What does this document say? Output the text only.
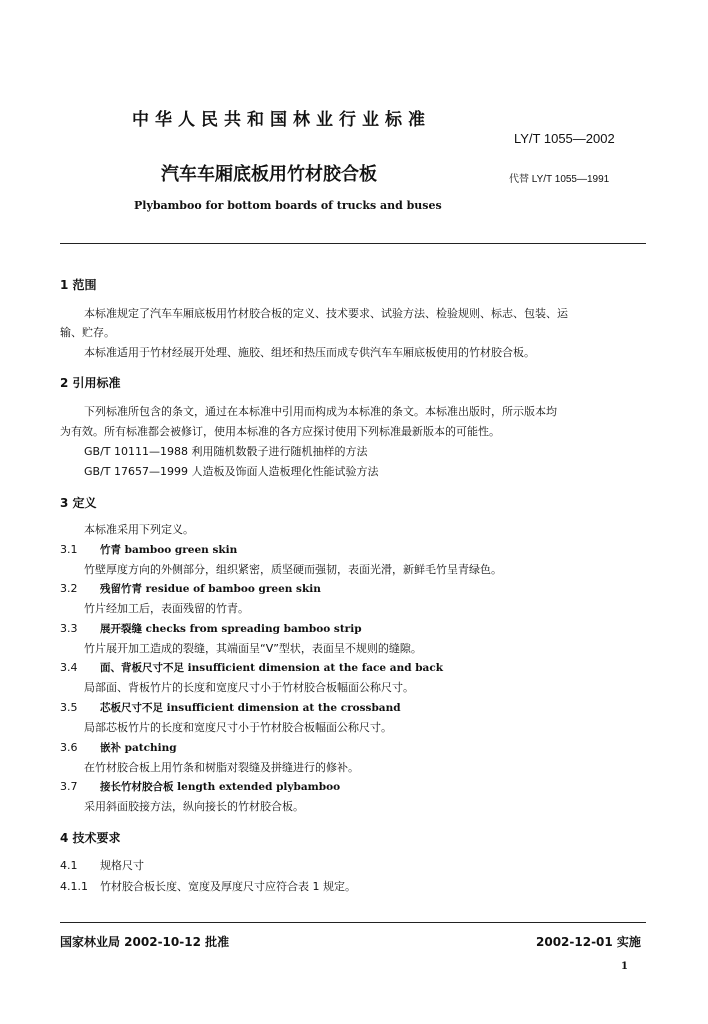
中华人民共和国林业行业标准
LY/T 1055—2002
汽车车厢底板用竹材胶合板	代替 LY/T 1055—1991
Plybamboo for bottom boards of trucks and buses
1 范围
本标准规定了汽车车厢底板用竹材胶合板的定义、技术要求、试验方法、检验规则、标志、包装、运
输、贮存。
本标准适用于竹材经展开处理、施胶、组坯和热压而成专供汽车车厢底板使用的竹材胶合板。
2 引用标准
下列标准所包含的条文，通过在本标准中引用而构成为本标准的条文。本标准出版时，所示版本均
为有效。所有标准都会被修订，使用本标准的各方应探讨使用下列标准最新版本的可能性。
GB/T 10111—1988 利用随机数骰子进行随机抽样的方法
GB/T 17657—1999 人造板及饰面人造板理化性能试验方法
3 定义
本标准采用下列定义。
3.1 竹青 bamboo green skin
竹壁厚度方向的外侧部分，组织紧密，质坚硬而强韧，表面光滑，新鲜毛竹呈青绿色。
3.2 残留竹青 residue of bamboo green skin
竹片经加工后，表面残留的竹青。
3.3 展开裂缝 checks from spreading bamboo strip
竹片展开加工造成的裂缝，其端面呈“V”型状，表面呈不规则的缝隙。
3.4 面、背板尺寸不足 insufficient dimension at the face and back
局部面、背板竹片的长度和宽度尺寸小于竹材胶合板幅面公称尺寸。
3.5 芯板尺寸不足 insufficient dimension at the crossband
局部芯板竹片的长度和宽度尺寸小于竹材胶合板幅面公称尺寸。
3.6 嵌补 patching
在竹材胶合板上用竹条和树脂对裂缝及拼缝进行的修补。
3.7 接长竹材胶合板 length extended plybamboo
采用斜面胶接方法，纵向接长的竹材胶合板。
4 技术要求
4.1 规格尺寸
4.1.1 竹材胶合板长度、宽度及厚度尺寸应符合表 1 规定。
国家林业局 2002-10-12 批准	2002-12-01 实施
1
